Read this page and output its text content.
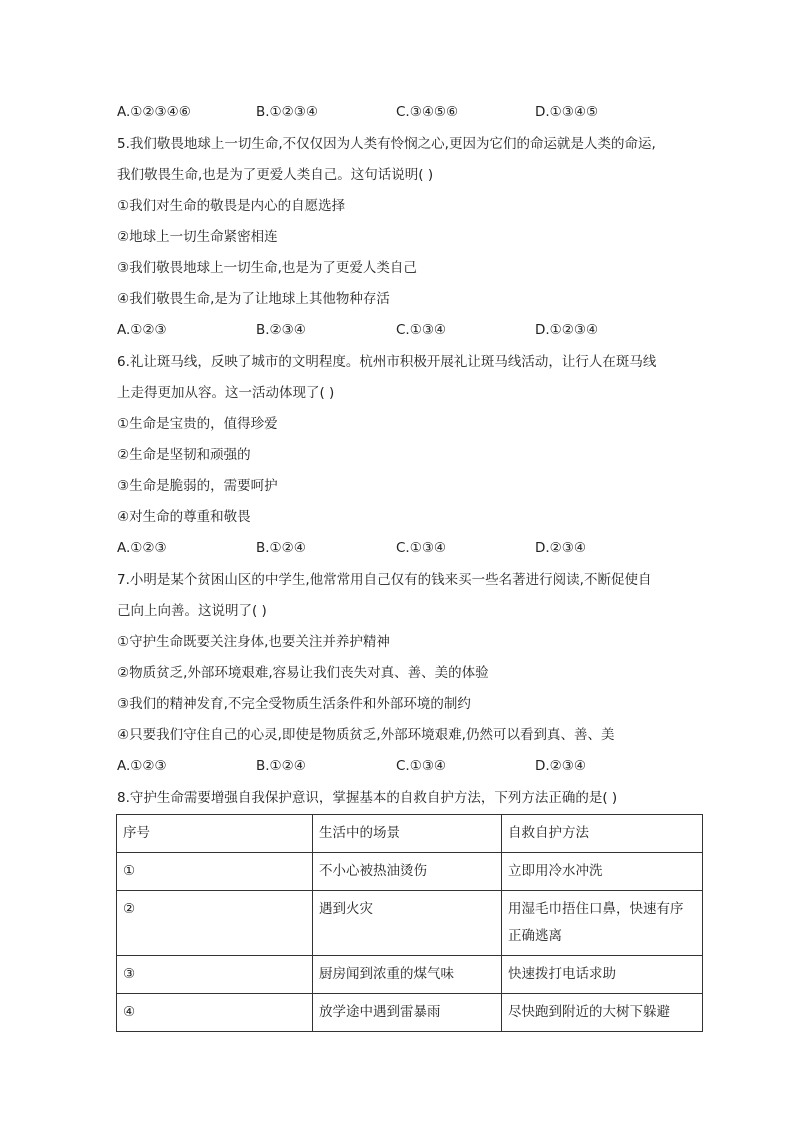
A.①②③④⑥	B.①②③④	C.③④⑤⑥	D.①③④⑤
5.我们敬畏地球上一切生命,不仅仅因为人类有怜悯之心,更因为它们的命运就是人类的命运,
我们敬畏生命,也是为了更爱人类自己。这句话说明( )
①我们对生命的敬畏是内心的自愿选择
②地球上一切生命紧密相连
③我们敬畏地球上一切生命,也是为了更爱人类自己
④我们敬畏生命,是为了让地球上其他物种存活
A.①②③	B.②③④	C.①③④	D.①②③④
6.礼让斑马线，反映了城市的文明程度。杭州市积极开展礼让斑马线活动，让行人在斑马线
上走得更加从容。这一活动体现了( )
①生命是宝贵的，值得珍爱
②生命是坚韧和顽强的
③生命是脆弱的，需要呵护
④对生命的尊重和敬畏
A.①②③	B.①②④	C.①③④	D.②③④
7.小明是某个贫困山区的中学生,他常常用自己仅有的钱来买一些名著进行阅读,不断促使自
己向上向善。这说明了( )
①守护生命既要关注身体,也要关注并养护精神
②物质贫乏,外部环境艰难,容易让我们丧失对真、善、美的体验
③我们的精神发育,不完全受物质生活条件和外部环境的制约
④只要我们守住自己的心灵,即使是物质贫乏,外部环境艰难,仍然可以看到真、善、美
A.①②③	B.①②④	C.①③④	D.②③④
8.守护生命需要增强自我保护意识，掌握基本的自救自护方法，下列方法正确的是( )
序号	生活中的场景	自救自护方法
①	不小心被热油烫伤	立即用冷水冲洗
②	遇到火灾	用湿毛巾捂住口鼻，快速有序正确逃离
③	厨房闻到浓重的煤气味	快速拨打电话求助
④	放学途中遇到雷暴雨	尽快跑到附近的大树下躲避
